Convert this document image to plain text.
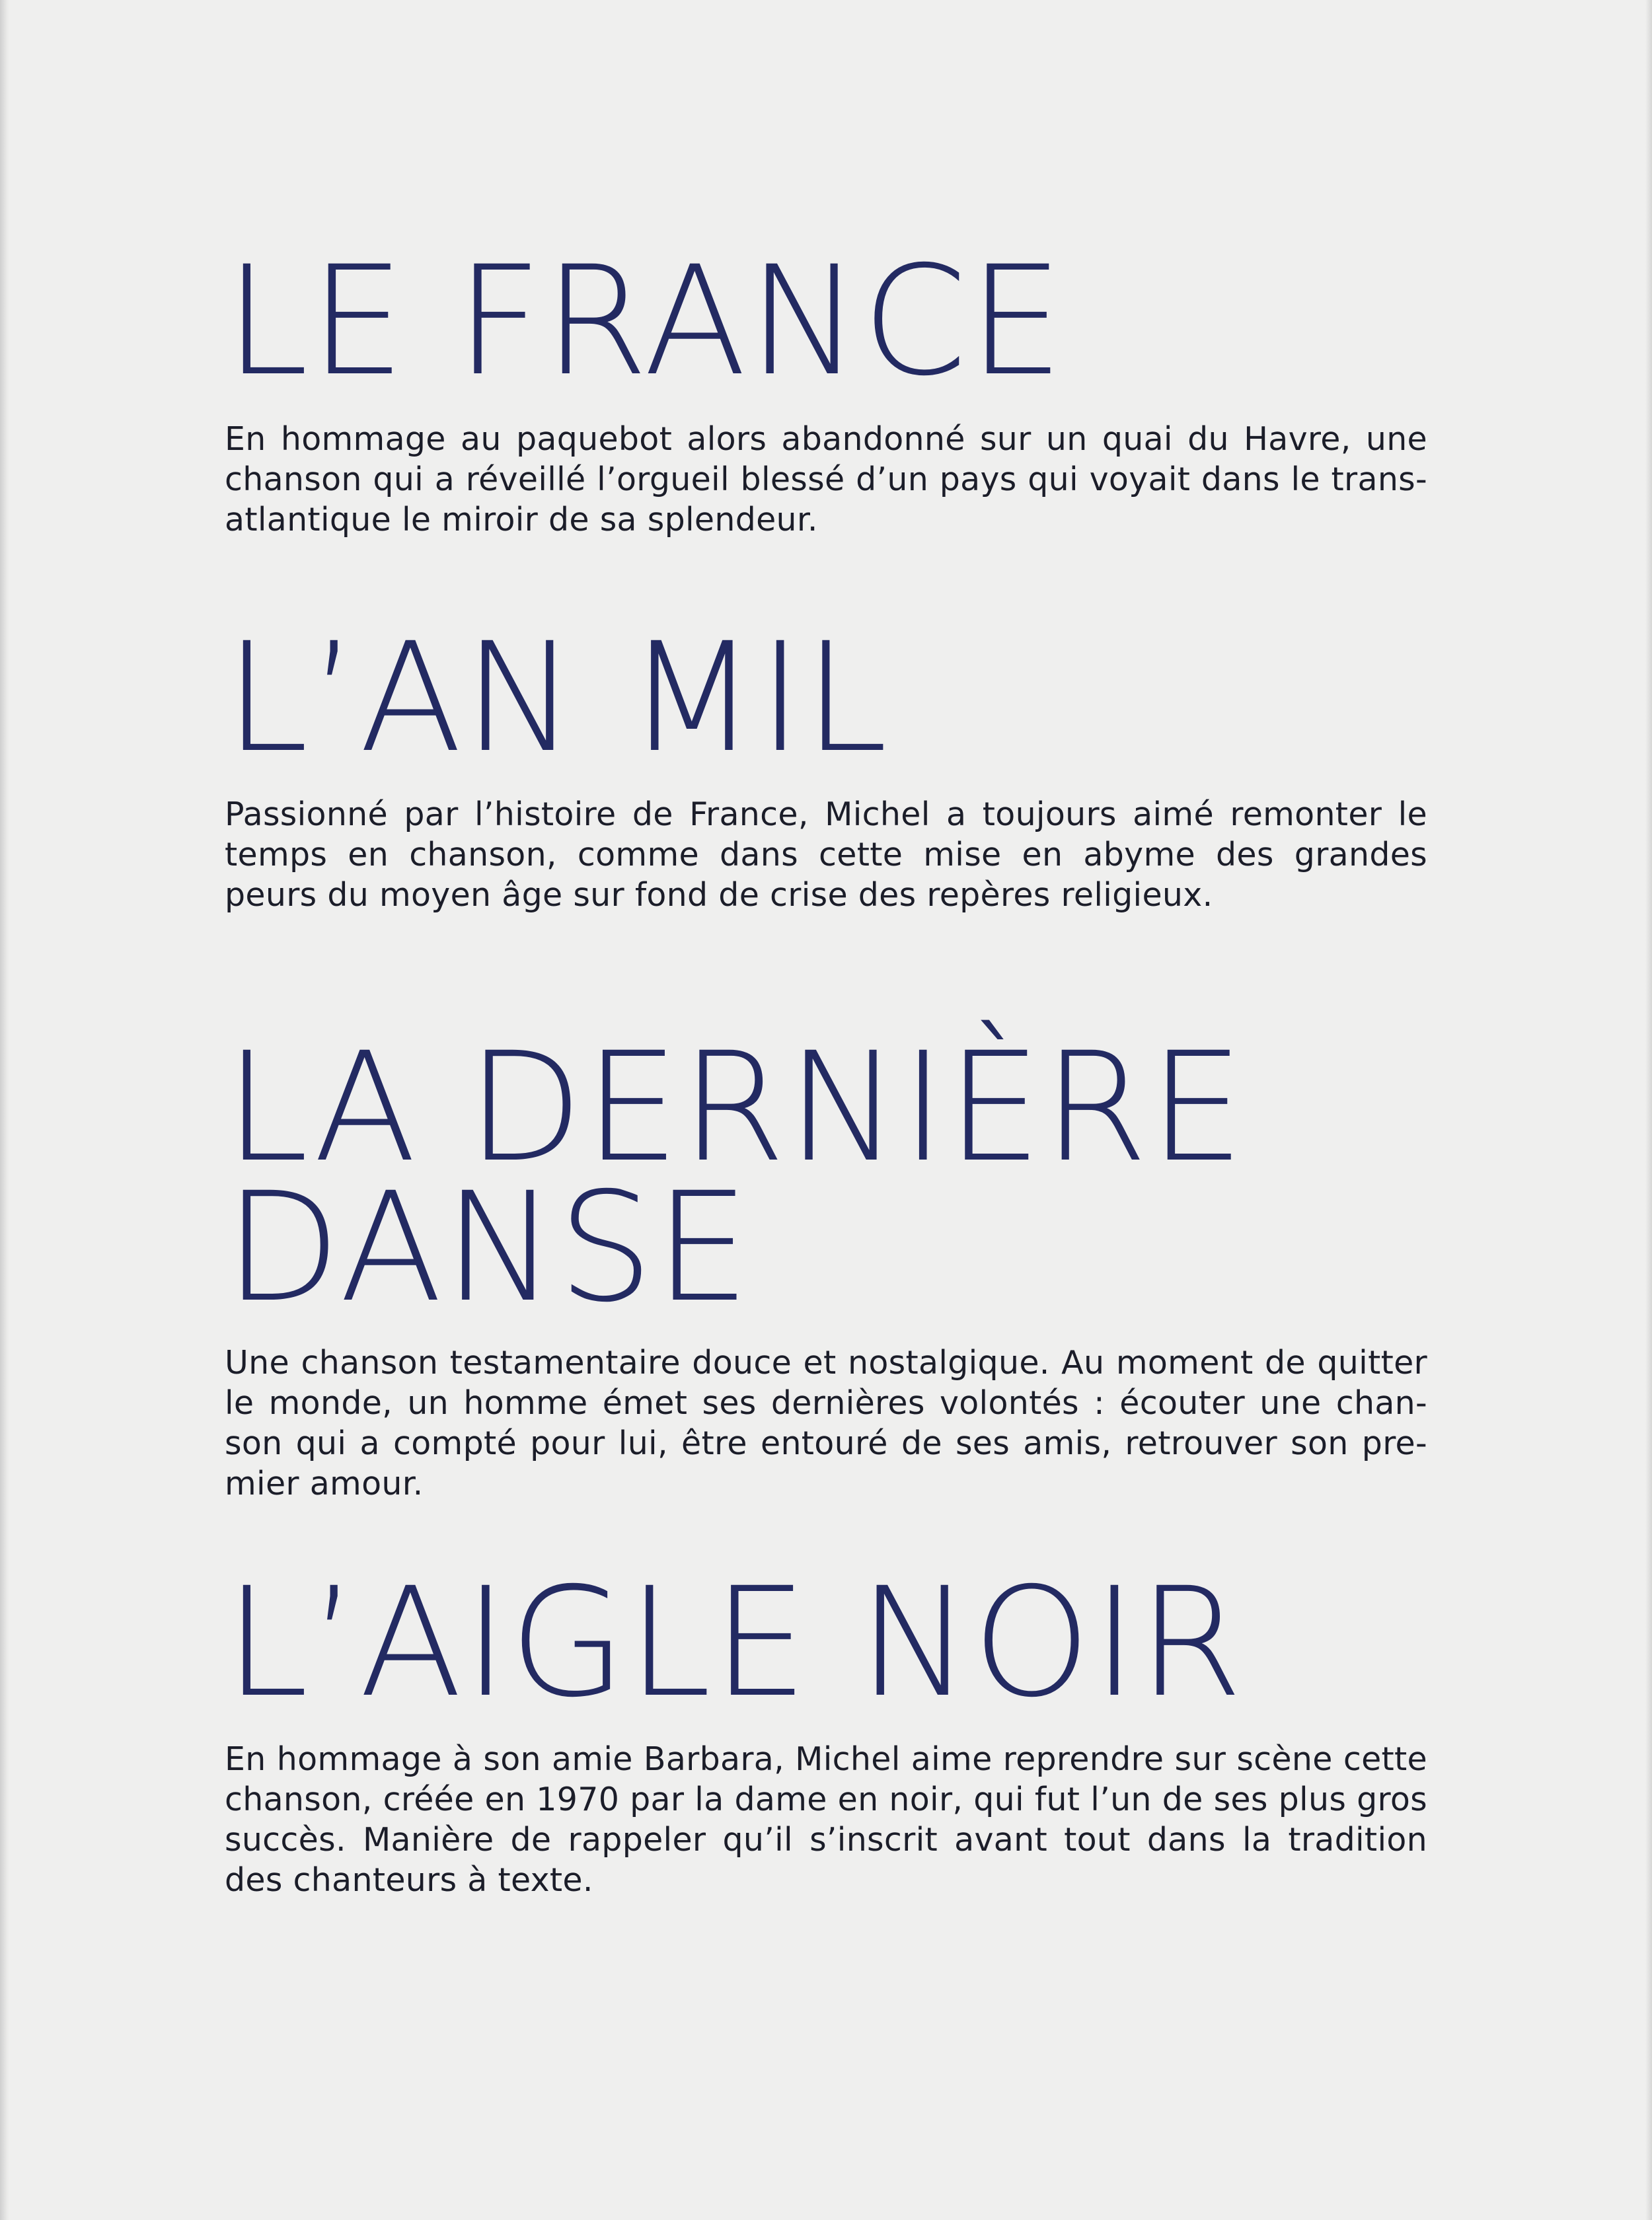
LE FRANCE

En hommage au paquebot alors abandonné sur un quai du Havre, une chanson qui a réveillé l’orgueil blessé d’un pays qui voyait dans le trans-atlantique le miroir de sa splendeur.

L’AN MIL

Passionné par l’histoire de France, Michel a toujours aimé remonter le temps en chanson, comme dans cette mise en abyme des grandes peurs du moyen âge sur fond de crise des repères religieux.

LA DERNIÈRE
DANSE

Une chanson testamentaire douce et nostalgique. Au moment de quitter le monde, un homme émet ses dernières volontés : écouter une chan-son qui a compté pour lui, être entouré de ses amis, retrouver son pre-mier amour.

L’AIGLE NOIR

En hommage à son amie Barbara, Michel aime reprendre sur scène cette chanson, créée en 1970 par la dame en noir, qui fut l’un de ses plus gros succès. Manière de rappeler qu’il s’inscrit avant tout dans la tradition des chanteurs à texte.
